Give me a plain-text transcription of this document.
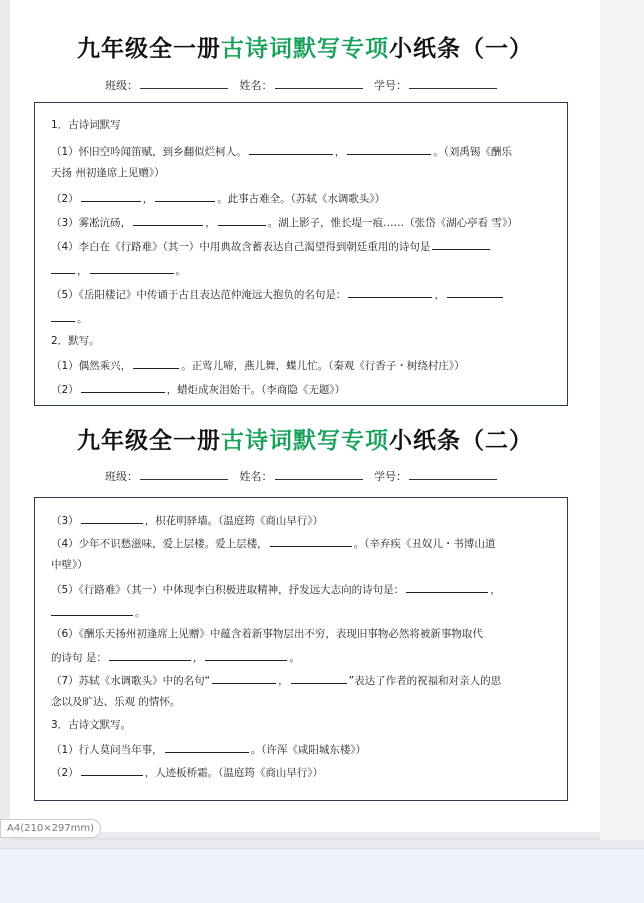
九年级全一册古诗词默写专项小纸条（一）
班级：	姓名：	学号：
1．古诗词默写
（1）怀旧空吟闻笛赋，到乡翻似烂柯人。	，	。（刘禹锡《酬乐
天扬 州初逢席上见赠》）
（2）	，	。此事古难全。（苏轼《水调歌头》）
（3）雾凇沆砀，	，	。湖上影子，惟长堤一痕……（张岱《湖心亭看 雪》）
（4）李白在《行路难》（其一）中用典故含蓄表达自己渴望得到朝廷重用的诗句是
，	。
（5）《岳阳楼记》中传诵于古且表达范仲淹远大抱负的名句是：	，
。
2．默写。
（1）偶然乘兴，	。正莺儿啼，燕儿舞，蝶儿忙。（秦观《行香子・树绕村庄》）
（2）	，蜡炬成灰泪始干。（李商隐《无题》）
九年级全一册古诗词默写专项小纸条（二）
班级：	姓名：	学号：
（3）	，枳花明驿墙。（温庭筠《商山早行》）
（4）少年不识愁滋味，爱上层楼。爱上层楼，	。（辛弃疾《丑奴儿・书博山道
中壁》）
（5）《行路难》（其一）中体现李白积极进取精神，抒发远大志向的诗句是：	，
。
（6）《酬乐天扬州初逢席上见赠》中蕴含着新事物层出不穷，表现旧事物必然将被新事物取代
的诗句 是：	，	。
（7）苏轼《水调歌头》中的名句“	，	”表达了作者的祝福和对亲人的思
念以及旷达、乐观 的情怀。
3．古诗文默写。
（1）行人莫问当年事，	。（许浑《咸阳城东楼》）
（2）	，人迹板桥霜。（温庭筠《商山早行》）
A4(210×297mm)
